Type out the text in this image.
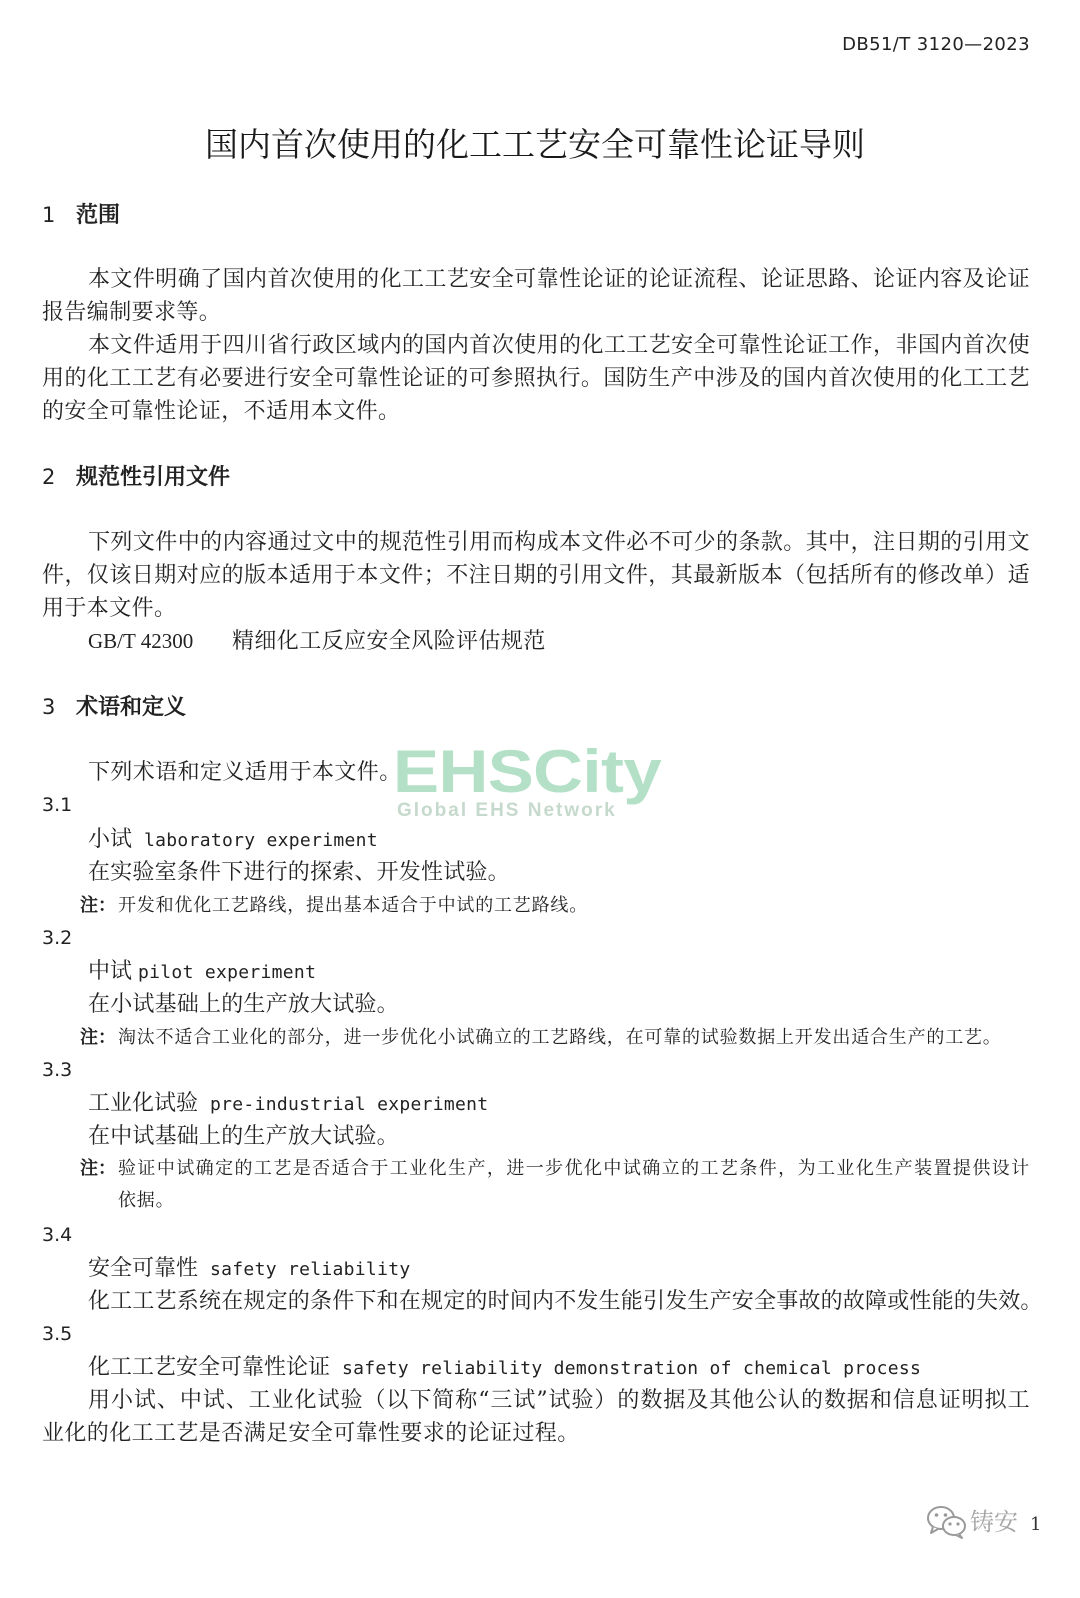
EHSCity
Global EHS Network
DB51/T 3120—2023
国内首次使用的化工工艺安全可靠性论证导则
1 范围
本文件明确了国内首次使用的化工工艺安全可靠性论证的论证流程、论证思路、论证内容及论证
报告编制要求等。
本文件适用于四川省行政区域内的国内首次使用的化工工艺安全可靠性论证工作，非国内首次使
用的化工工艺有必要进行安全可靠性论证的可参照执行。国防生产中涉及的国内首次使用的化工工艺
的安全可靠性论证，不适用本文件。
2 规范性引用文件
下列文件中的内容通过文中的规范性引用而构成本文件必不可少的条款。其中，注日期的引用文
件，仅该日期对应的版本适用于本文件；不注日期的引用文件，其最新版本（包括所有的修改单）适
用于本文件。
GB/T 42300 精细化工反应安全风险评估规范
3 术语和定义
下列术语和定义适用于本文件。
3.1
小试 laboratory experiment
在实验室条件下进行的探索、开发性试验。
注： 开发和优化工艺路线，提出基本适合于中试的工艺路线。
3.2
中试 pilot experiment
在小试基础上的生产放大试验。
注： 淘汰不适合工业化的部分，进一步优化小试确立的工艺路线，在可靠的试验数据上开发出适合生产的工艺。
3.3
工业化试验 pre-industrial experiment
在中试基础上的生产放大试验。
注： 验证中试确定的工艺是否适合于工业化生产，进一步优化中试确立的工艺条件，为工业化生产装置提供设计
依据。
3.4
安全可靠性 safety reliability
化工工艺系统在规定的条件下和在规定的时间内不发生能引发生产安全事故的故障或性能的失效。
3.5
化工工艺安全可靠性论证 safety reliability demonstration of chemical process
用小试、中试、工业化试验（以下简称“三试”试验）的数据及其他公认的数据和信息证明拟工
业化的化工工艺是否满足安全可靠性要求的论证过程。
铸安 1
